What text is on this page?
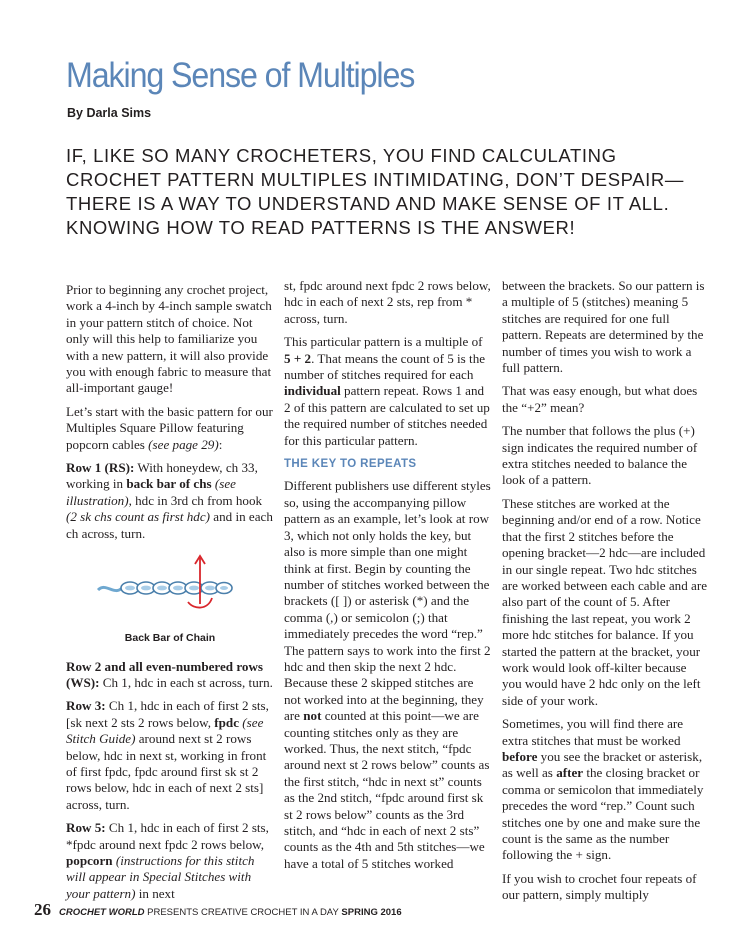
Making Sense of Multiples
By Darla Sims

IF, LIKE SO MANY CROCHETERS, YOU FIND CALCULATING CROCHET PATTERN MULTIPLES INTIMIDATING, DON’T DESPAIR—THERE IS A WAY TO UNDERSTAND AND MAKE SENSE OF IT ALL. KNOWING HOW TO READ PATTERNS IS THE ANSWER!

Prior to beginning any crochet project, work a 4-inch by 4-inch sample swatch in your pattern stitch of choice. Not only will this help to familiarize you with a new pattern, it will also provide you with enough fabric to measure that all-important gauge!

Let’s start with the basic pattern for our Multiples Square Pillow featuring popcorn cables (see page 29):

Row 1 (RS): With honeydew, ch 33, working in back bar of chs (see illustration), hdc in 3rd ch from hook (2 sk chs count as first hdc) and in each ch across, turn.

Back Bar of Chain

Row 2 and all even-numbered rows (WS): Ch 1, hdc in each st across, turn.

Row 3: Ch 1, hdc in each of first 2 sts, [sk next 2 sts 2 rows below, fpdc (see Stitch Guide) around next st 2 rows below, hdc in next st, working in front of first fpdc, fpdc around first sk st 2 rows below, hdc in each of next 2 sts] across, turn.

Row 5: Ch 1, hdc in each of first 2 sts, *fpdc around next fpdc 2 rows below, popcorn (instructions for this stitch will appear in Special Stitches with your pattern) in next

st, fpdc around next fpdc 2 rows below, hdc in each of next 2 sts, rep from * across, turn.

This particular pattern is a multiple of 5 + 2. That means the count of 5 is the number of stitches required for each individual pattern repeat. Rows 1 and 2 of this pattern are calculated to set up the required number of stitches needed for this particular pattern.

THE KEY TO REPEATS

Different publishers use different styles so, using the accompanying pillow pattern as an example, let’s look at row 3, which not only holds the key, but also is more simple than one might think at first. Begin by counting the number of stitches worked between the brackets ([ ]) or asterisk (*) and the comma (,) or semicolon (;) that immediately precedes the word “rep.” The pattern says to work into the first 2 hdc and then skip the next 2 hdc. Because these 2 skipped stitches are not worked into at the beginning, they are not counted at this point—we are counting stitches only as they are worked. Thus, the next stitch, “fpdc around next st 2 rows below” counts as the first stitch, “hdc in next st” counts as the 2nd stitch, “fpdc around first sk st 2 rows below” counts as the 3rd stitch, and “hdc in each of next 2 sts” counts as the 4th and 5th stitches—we have a total of 5 stitches worked

between the brackets. So our pattern is a multiple of 5 (stitches) meaning 5 stitches are required for one full pattern. Repeats are determined by the number of times you wish to work a full pattern.

That was easy enough, but what does the “+2” mean?

The number that follows the plus (+) sign indicates the required number of extra stitches needed to balance the look of a pattern.

These stitches are worked at the beginning and/or end of a row. Notice that the first 2 stitches before the opening bracket—2 hdc—are included in our single repeat. Two hdc stitches are worked between each cable and are also part of the count of 5. After finishing the last repeat, you work 2 more hdc stitches for balance. If you started the pattern at the bracket, your work would look off-kilter because you would have 2 hdc only on the left side of your work.

Sometimes, you will find there are extra stitches that must be worked before you see the bracket or asterisk, as well as after the closing bracket or comma or semicolon that immediately precedes the word “rep.” Count such stitches one by one and make sure the count is the same as the number following the + sign.

If you wish to crochet four repeats of our pattern, simply multiply

26 CROCHET WORLD PRESENTS CREATIVE CROCHET IN A DAY SPRING 2016
